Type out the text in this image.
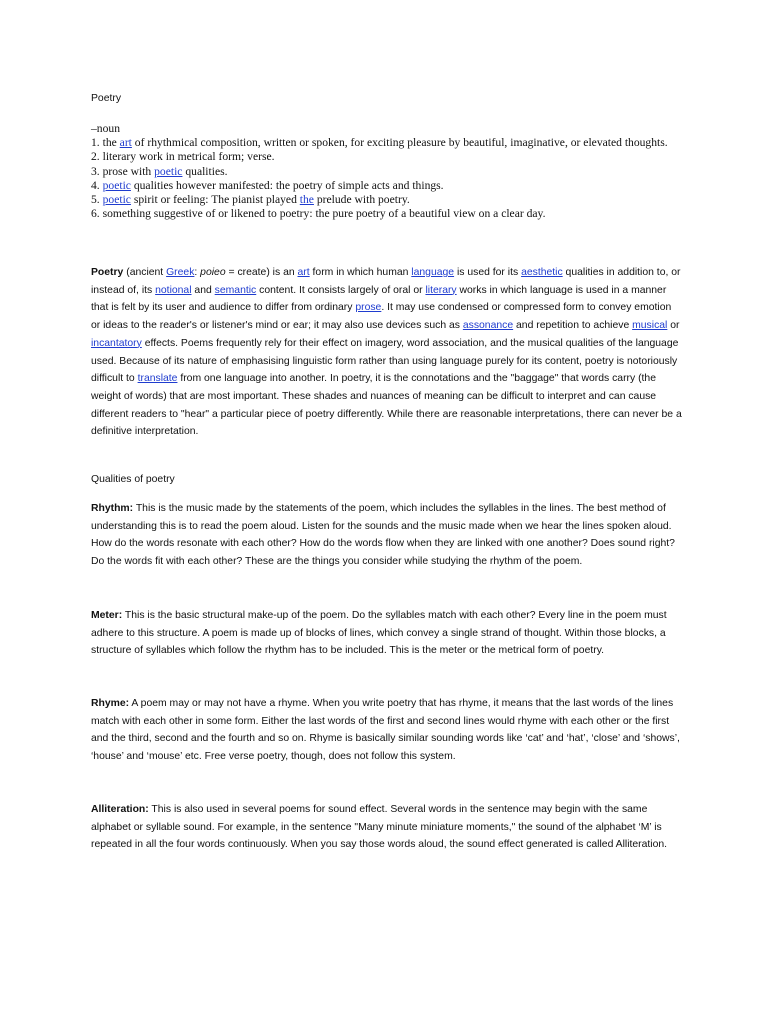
Poetry
–noun
1. the art of rhythmical composition, written or spoken, for exciting pleasure by beautiful, imaginative, or elevated thoughts.
2. literary work in metrical form; verse.
3. prose with poetic qualities.
4. poetic qualities however manifested: the poetry of simple acts and things.
5. poetic spirit or feeling: The pianist played the prelude with poetry.
6. something suggestive of or likened to poetry: the pure poetry of a beautiful view on a clear day.

Poetry (ancient Greek: poieo = create) is an art form in which human language is used for its aesthetic qualities in addition to, or instead of, its notional and semantic content. It consists largely of oral or literary works in which language is used in a manner that is felt by its user and audience to differ from ordinary prose. It may use condensed or compressed form to convey emotion or ideas to the reader's or listener's mind or ear; it may also use devices such as assonance and repetition to achieve musical or incantatory effects. Poems frequently rely for their effect on imagery, word association, and the musical qualities of the language used. Because of its nature of emphasising linguistic form rather than using language purely for its content, poetry is notoriously difficult to translate from one language into another. In poetry, it is the connotations and the "baggage" that words carry (the weight of words) that are most important. These shades and nuances of meaning can be difficult to interpret and can cause different readers to "hear" a particular piece of poetry differently. While there are reasonable interpretations, there can never be a definitive interpretation.

Qualities of poetry

Rhythm: This is the music made by the statements of the poem, which includes the syllables in the lines. The best method of understanding this is to read the poem aloud. Listen for the sounds and the music made when we hear the lines spoken aloud. How do the words resonate with each other? How do the words flow when they are linked with one another? Does sound right? Do the words fit with each other? These are the things you consider while studying the rhythm of the poem.

Meter: This is the basic structural make-up of the poem. Do the syllables match with each other? Every line in the poem must adhere to this structure. A poem is made up of blocks of lines, which convey a single strand of thought. Within those blocks, a structure of syllables which follow the rhythm has to be included. This is the meter or the metrical form of poetry.

Rhyme: A poem may or may not have a rhyme. When you write poetry that has rhyme, it means that the last words of the lines match with each other in some form. Either the last words of the first and second lines would rhyme with each other or the first and the third, second and the fourth and so on. Rhyme is basically similar sounding words like ‘cat’ and ‘hat’, ‘close’ and ‘shows’, ‘house’ and ‘mouse’ etc. Free verse poetry, though, does not follow this system.

Alliteration: This is also used in several poems for sound effect. Several words in the sentence may begin with the same alphabet or syllable sound. For example, in the sentence "Many minute miniature moments," the sound of the alphabet ‘M’ is repeated in all the four words continuously. When you say those words aloud, the sound effect generated is called Alliteration.
